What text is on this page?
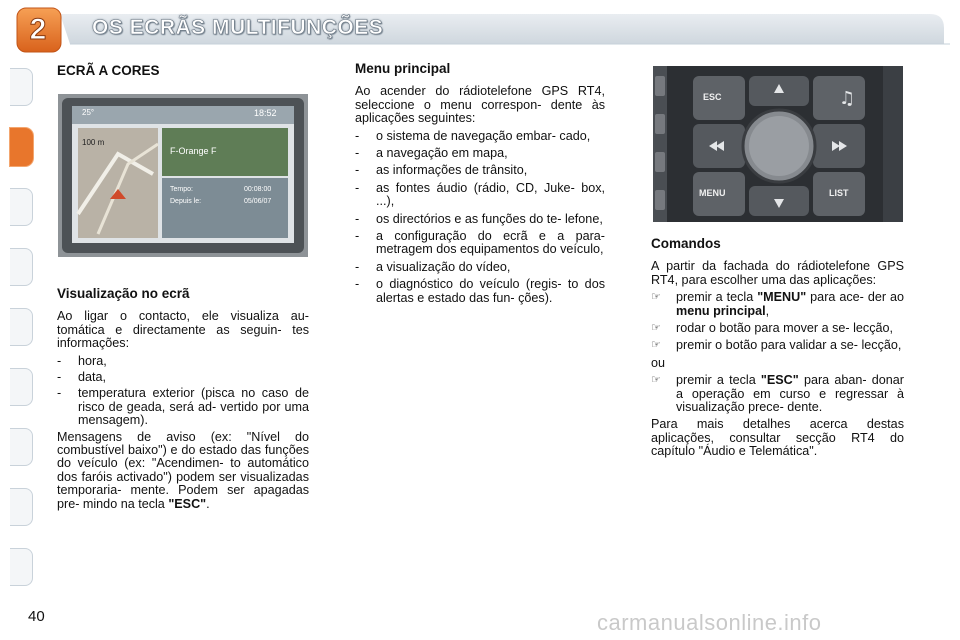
2	OS ECRÃS MULTIFUNÇÕES
ECRÃ A CORES
25°	18:52
100 m
F-Orange F
Tempo:	00:08:00
Depuis le:	05/06/07
Visualização no ecrã

Ao ligar o contacto, ele visualiza au- tomática e directamente as seguin- tes informações:

- hora,
- data,
- temperatura exterior (pisca no caso de risco de geada, será ad- vertido por uma mensagem).

Mensagens de aviso (ex: "Nível do combustível baixo") e do estado das funções do veículo (ex: "Acendimen- to automático dos faróis activado") podem ser visualizadas temporaria- mente. Podem ser apagadas pre- mindo na tecla "ESC".

Menu principal

Ao acender do rádiotelefone GPS RT4, seleccione o menu correspon- dente às aplicações seguintes:

- o sistema de navegação embar- cado,
- a navegação em mapa,
- as informações de trânsito,
- as fontes áudio (rádio, CD, Juke- box, ...),
- os directórios e as funções do te- lefone,
- a configuração do ecrã e a para- metragem dos equipamentos do veículo,
- a visualização do vídeo,
- o diagnóstico do veículo (regis- to dos alertas e estado das fun- ções).
♫
ESC
MENU	LIST
Comandos

A partir da fachada do rádiotelefone GPS RT4, para escolher uma das aplicações:

☞ premir a tecla "MENU" para ace- der ao menu principal,
☞ rodar o botão para mover a se- lecção,
☞ premir o botão para validar a se- lecção,

ou

☞ premir a tecla "ESC" para aban- donar a operação em curso e regressar à visualização prece- dente.

Para mais detalhes acerca destas aplicações, consultar secção RT4 do capítulo "Áudio e Telemática".

40	carmanualsonline.info
